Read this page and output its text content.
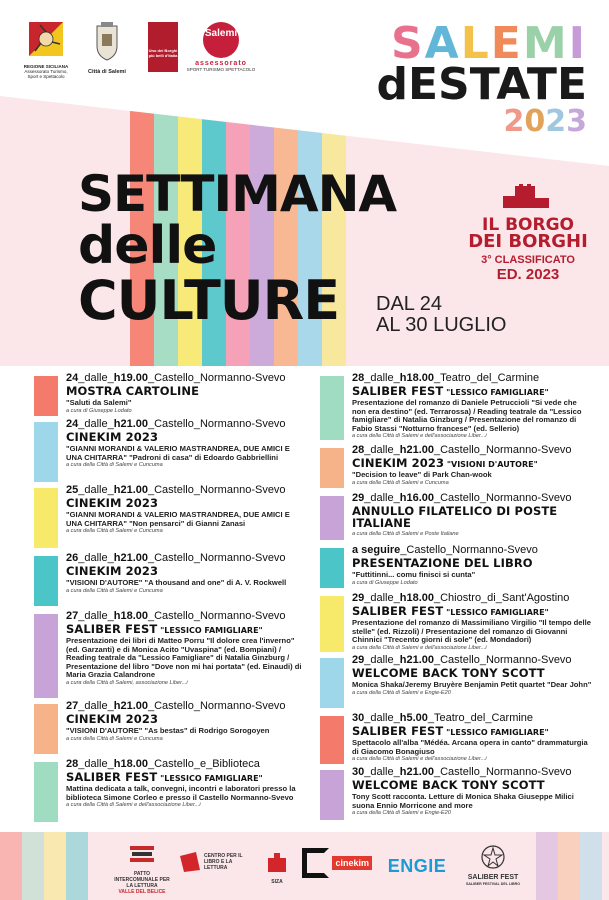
REGIONE SICILIANA
Assessorato Turismo, Sport e Spettacolo
Città di Salemi
Uno dei Borghi più belli d'Italia
Salemi
assessorato
SPORT TURISMO SPETTACOLO
SALEMI
dESTATE
2023
SETTIMANA
delle
CULTURE	DAL 24
AL 30 LUGLIO
IL BORGO
DEI BORGHI
3° CLASSIFICATO
ED. 2023
24_dalle_h19.00_Castello_Normanno-Svevo
MOSTRA CARTOLINE
"Saluti da Salemi"
a cura di Giuseppe Lodato
24_dalle_h21.00_Castello_Normanno-Svevo
CINEKIM 2023
"GIANNI MORANDI & VALERIO MASTRANDREA, DUE AMICI E UNA CHITARRA" "Padroni di casa" di Edoardo Gabbriellini
a cura della Città di Salemi e Cuncuma
25_dalle_h21.00_Castello_Normanno-Svevo
CINEKIM 2023
"GIANNI MORANDI & VALERIO MASTRANDREA, DUE AMICI E UNA CHITARRA" "Non pensarci" di Gianni Zanasi
a cura della Città di Salemi e Cuncuma
26_dalle_h21.00_Castello_Normanno-Svevo
CINEKIM 2023
"VISIONI D'AUTORE" "A thousand and one" di A. V. Rockwell
a cura della Città di Salemi e Cuncuma
27_dalle_h18.00_Castello_Normanno-Svevo
SALIBER FEST "LESSICO FAMIGLIARE"
Presentazione dei libri di Matteo Porru "Il dolore crea l'inverno" (ed. Garzanti) e di Monica Acito "Uvaspina" (ed. Bompiani) / Reading teatrale da "Lessico Famigliare" di Natalia Ginzburg / Presentazione del libro "Dove non mi hai portata" (ed. Einaudi) di Maria Grazia Calandrone
a cura della Città di Salemi, associazione Liber...i
27_dalle_h21.00_Castello_Normanno-Svevo
CINEKIM 2023
"VISIONI D'AUTORE" "As bestas" di Rodrigo Sorogoyen
a cura della Città di Salemi e Cuncuma
28_dalle_h18.00_Castello_e_Biblioteca
SALIBER FEST "LESSICO FAMIGLIARE"
Mattina dedicata a talk, convegni, incontri e laboratori presso la biblioteca Simone Corleo e presso il Castello Normanno-Svevo
a cura della Città di Salemi e dell'associazione Liber...i
28_dalle_h18.00_Teatro_del_Carmine
SALIBER FEST "LESSICO FAMIGLIARE"
Presentazione del romanzo di Daniele Petruccioli "Si vede che non era destino" (ed. Terrarossa) / Reading teatrale da "Lessico famigliare" di Natalia Ginzburg / Presentazione del romanzo di Fabio Stassi "Notturno francese" (ed. Sellerio)
a cura della Città di Salemi e dell'associazione Liber...i
28_dalle_h21.00_Castello_Normanno-Svevo
CINEKIM 2023 "VISIONI D'AUTORE"
"Decision to leave" di Park Chan-wook
a cura della Città di Salemi e Cuncuma
29_dalle_h16.00_Castello_Normanno-Svevo
ANNULLO FILATELICO DI POSTE ITALIANE
a cura della Città di Salemi e Poste Italiane
a seguire_Castello_Normanno-Svevo
PRESENTAZIONE DEL LIBRO
"Futtitinni... comu finisci si cunta"
a cura di Giuseppe Lodato
29_dalle_h18.00_Chiostro_di_Sant'Agostino
SALIBER FEST "LESSICO FAMIGLIARE"
Presentazione del romanzo di Massimiliano Virgilio "Il tempo delle stelle" (ed. Rizzoli) / Presentazione del romanzo di Giovanni Chinnici "Trecento giorni di sole" (ed. Mondadori)
a cura della Città di Salemi e dell'associazione Liber...i
29_dalle_h21.00_Castello_Normanno-Svevo
WELCOME BACK TONY SCOTT
Monica Shaka/Jeremy Bruyère Benjamin Petit quartet "Dear John"
a cura della Città di Salemi e Engie-E20
30_dalle_h5.00_Teatro_del_Carmine
SALIBER FEST "LESSICO FAMIGLIARE"
Spettacolo all'alba "Médéa. Arcana opera in canto" drammaturgia di Giacomo Bonagiuso
a cura della Città di Salemi e dell'associazione Liber...i
30_dalle_h21.00_Castello_Normanno-Svevo
WELCOME BACK TONY SCOTT
Tony Scott racconta. Letture di Monica Shaka Giuseppe Milici suona Ennio Morricone and more
a cura della Città di Salemi e Engie-E20
PATTO INTERCOMUNALE PER LA LETTURA
VALLE DEL BELICE
CENTRO PER IL LIBRO E LA LETTURA
SIZA
cinekim ENGIE
SALIBER FEST
SALIBER FESTIVAL DEL LIBRO
